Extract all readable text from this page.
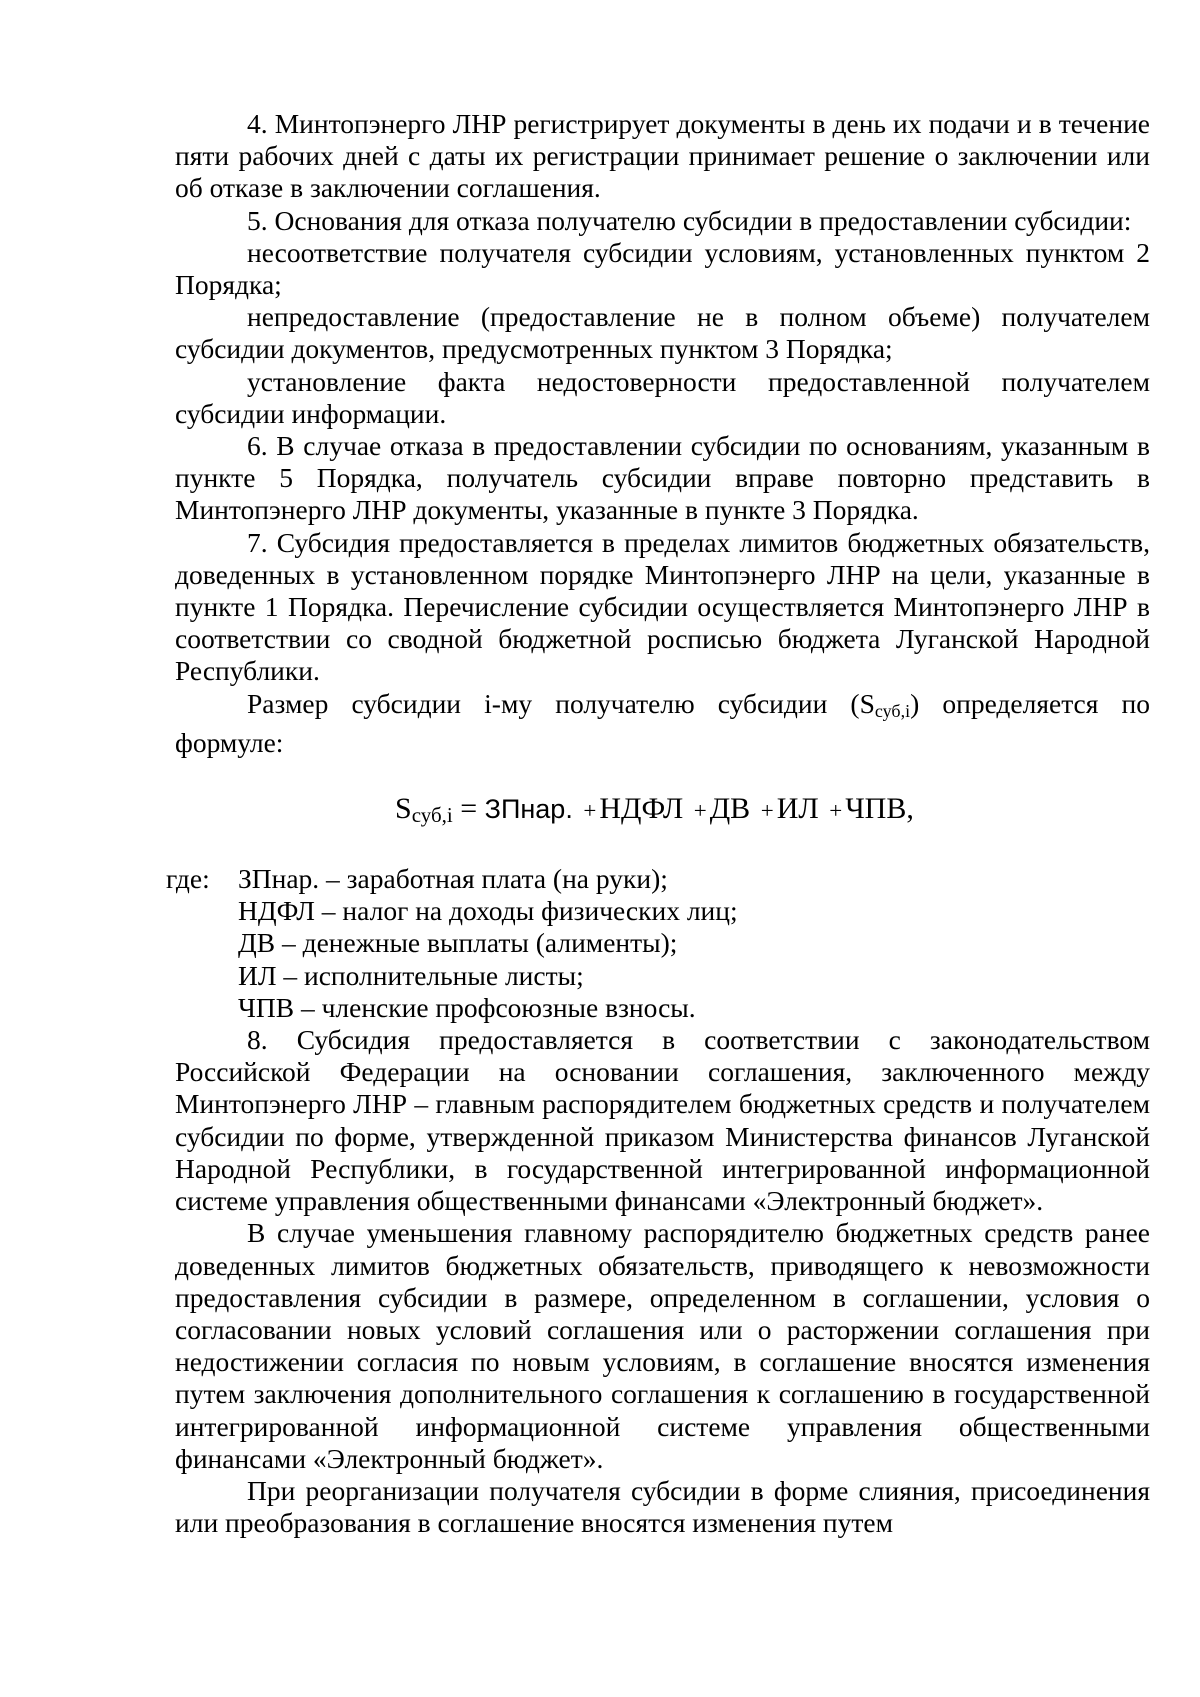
4. Минтопэнерго ЛНР регистрирует документы в день их подачи и в течение пяти рабочих дней с даты их регистрации принимает решение о заключении или об отказе в заключении соглашения.

5. Основания для отказа получателю субсидии в предоставлении субсидии:

несоответствие получателя субсидии условиям, установленных пунктом 2 Порядка;

непредоставление (предоставление не в полном объеме) получателем субсидии документов, предусмотренных пунктом 3 Порядка;

установление факта недостоверности предоставленной получателем субсидии информации.

6. В случае отказа в предоставлении субсидии по основаниям, указанным в пункте 5 Порядка, получатель субсидии вправе повторно представить в Минтопэнерго ЛНР документы, указанные в пункте 3 Порядка.

7. Субсидия предоставляется в пределах лимитов бюджетных обязательств, доведенных в установленном порядке Минтопэнерго ЛНР на цели, указанные в пункте 1 Порядка. Перечисление субсидии осуществляется Минтопэнерго ЛНР в соответствии со сводной бюджетной росписью бюджета Луганской Народной Республики.

Размер субсидии i-му получателю субсидии (Sсуб,i) определяется по формуле:

$S_{суб,i}$ = ЗПнар. + НДФЛ + ДВ + ИЛ + ЧПВ,
где:	ЗПнар. – заработная плата (на руки);
НДФЛ – налог на доходы физических лиц;
ДВ – денежные выплаты (алименты);
ИЛ – исполнительные листы;
ЧПВ – членские профсоюзные взносы.

8. Субсидия предоставляется в соответствии с законодательством Российской Федерации на основании соглашения, заключенного между Минтопэнерго ЛНР – главным распорядителем бюджетных средств и получателем субсидии по форме, утвержденной приказом Министерства финансов Луганской Народной Республики, в государственной интегрированной информационной системе управления общественными финансами «Электронный бюджет».

В случае уменьшения главному распорядителю бюджетных средств ранее доведенных лимитов бюджетных обязательств, приводящего к невозможности предоставления субсидии в размере, определенном в соглашении, условия о согласовании новых условий соглашения или о расторжении соглашения при недостижении согласия по новым условиям, в соглашение вносятся изменения путем заключения дополнительного соглашения к соглашению в государственной интегрированной информационной системе управления общественными финансами «Электронный бюджет».

При реорганизации получателя субсидии в форме слияния, присоединения или преобразования в соглашение вносятся изменения путем
